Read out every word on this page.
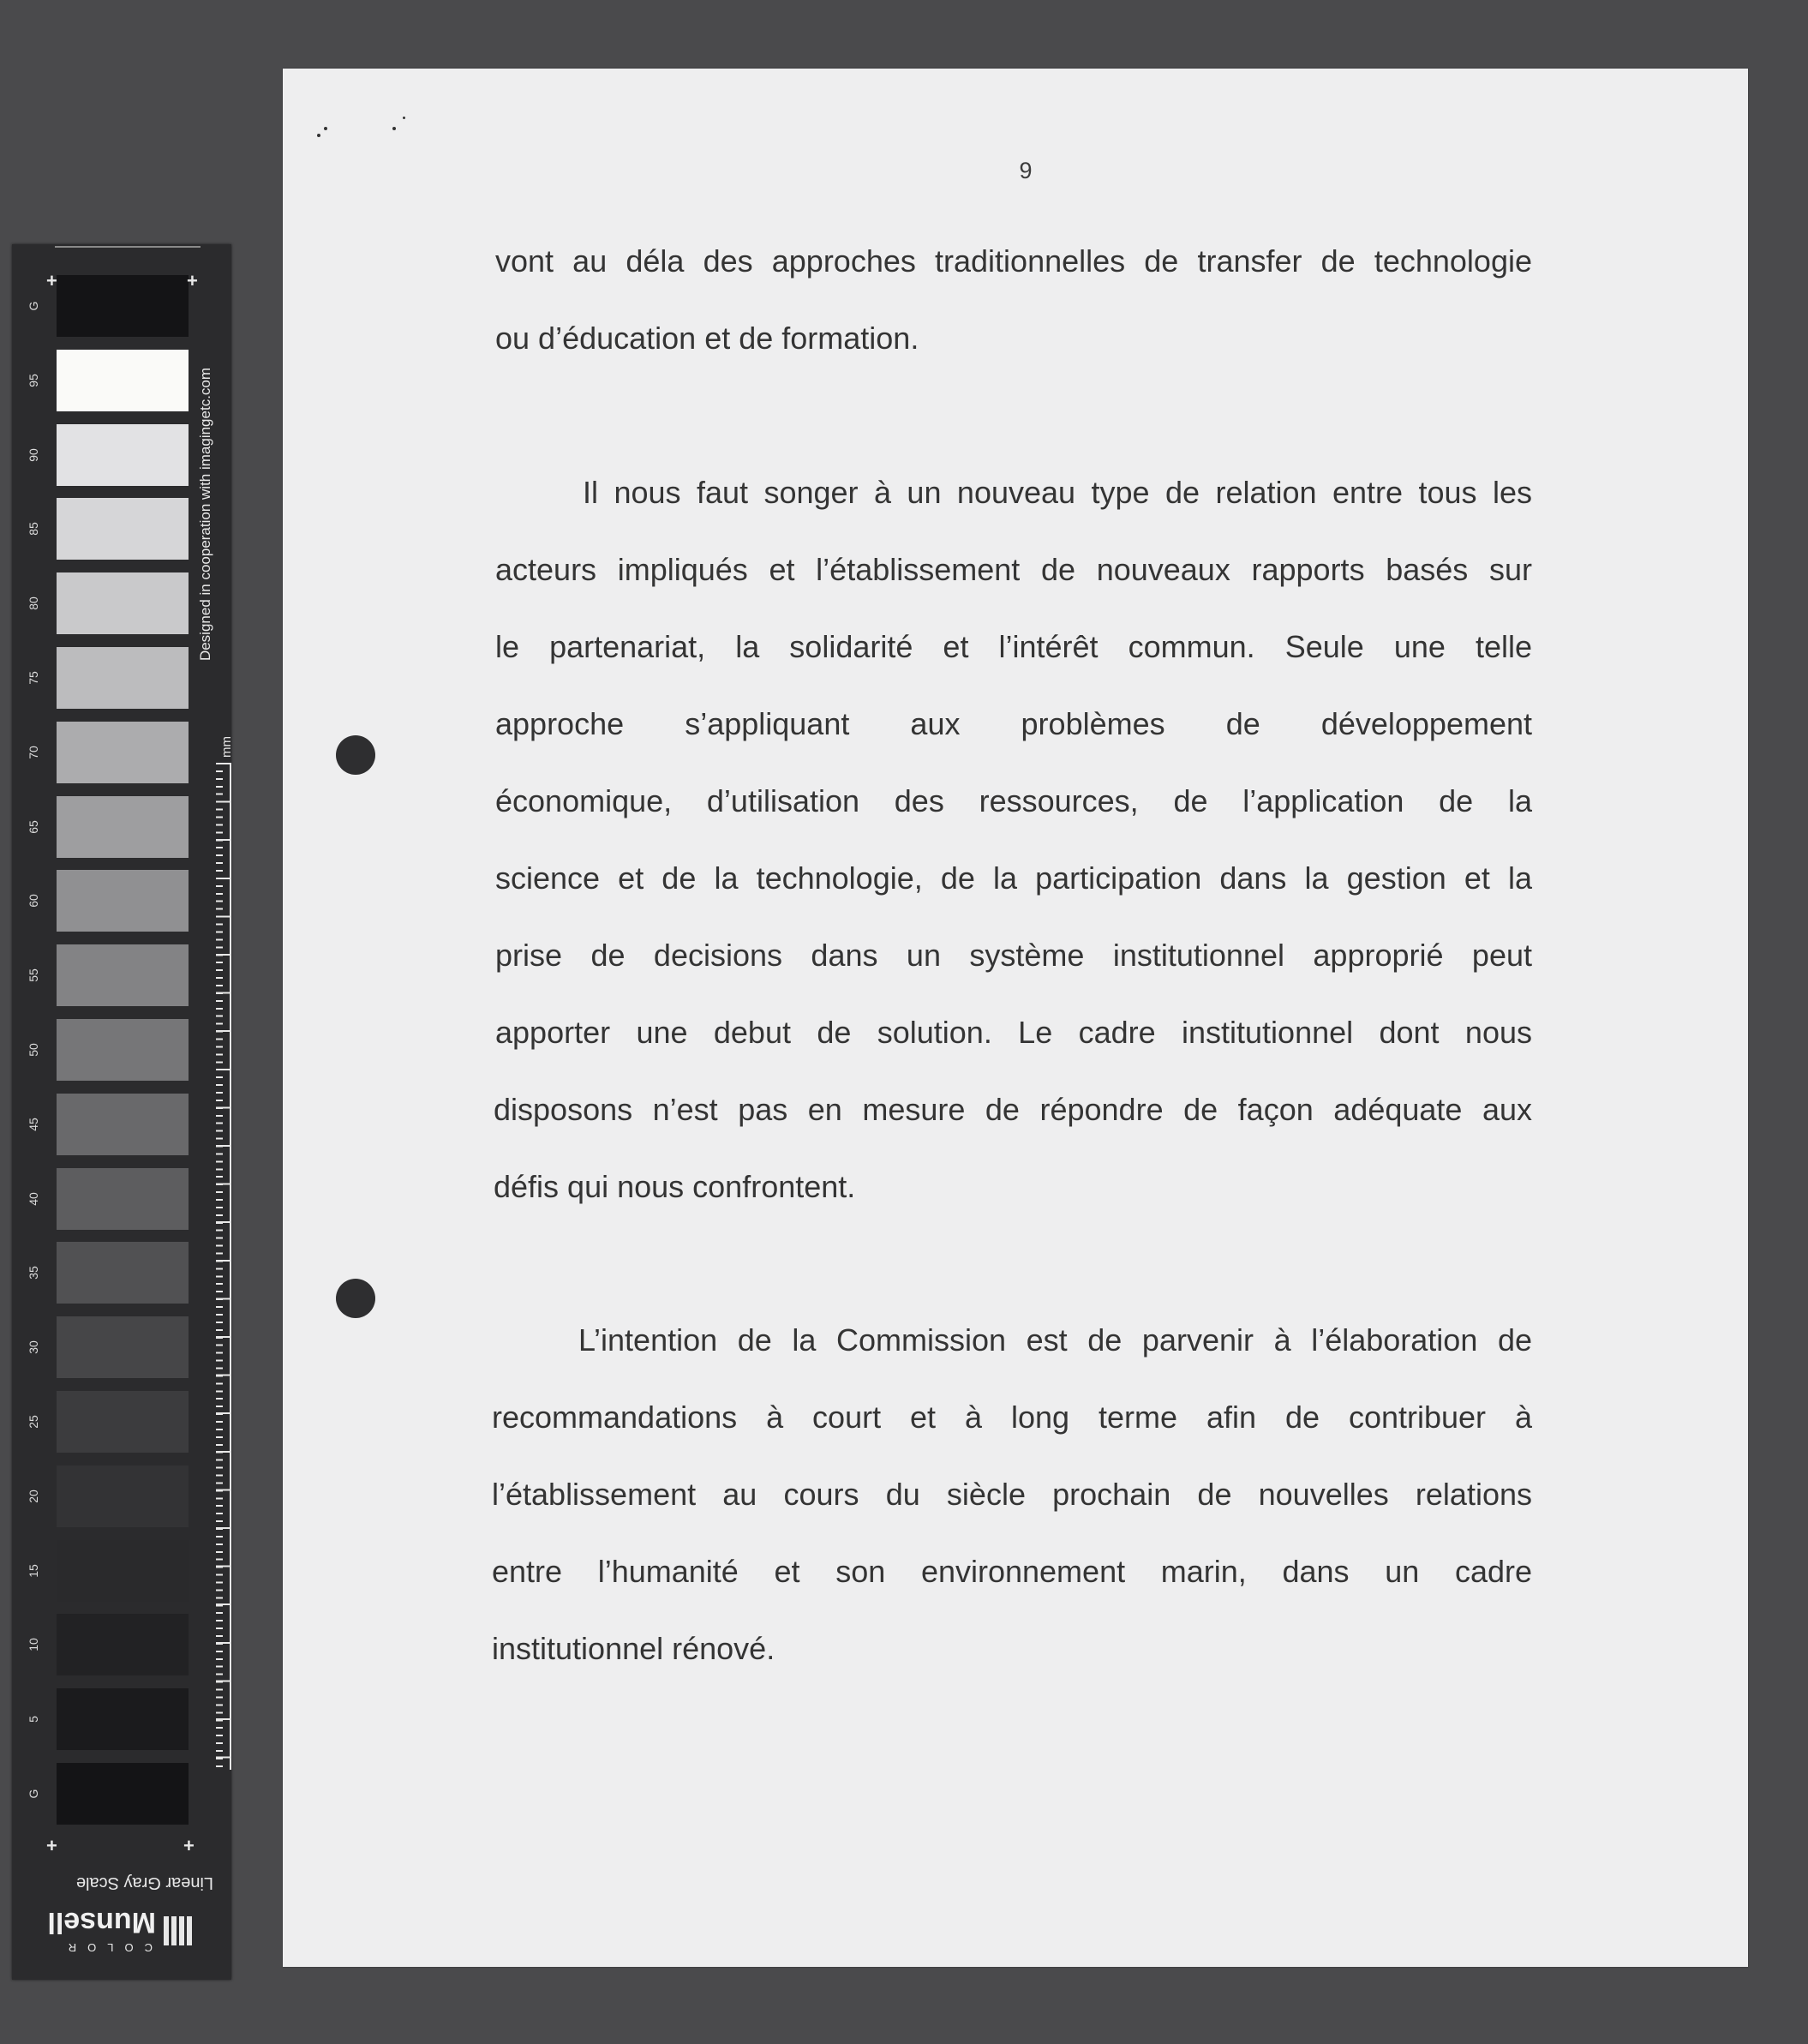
G
95
90
85
80
75
70
65
60
55
50
45
40
35
30
25
20
15
10
5
G
+	+
+	+
Designed in cooperation with imagingetc.com
mm
Linear Gray Scale
COLOR
Munsell
9
vont au déla des approches traditionnelles de transfer de technologie
ou d’éducation et de formation.
Il nous faut songer à un nouveau type de relation entre tous les
acteurs impliqués et l’établissement de nouveaux rapports basés sur
le partenariat, la solidarité et l’intérêt commun. Seule une telle
approche s’appliquant aux problèmes de développement
économique, d’utilisation des ressources, de l’application de la
science et de la technologie, de la participation dans la gestion et la
prise de decisions dans un système institutionnel approprié peut
apporter une debut de solution. Le cadre institutionnel dont nous
disposons n’est pas en mesure de répondre de façon adéquate aux
défis qui nous confrontent.
L’intention de la Commission est de parvenir à l’élaboration de
recommandations à court et à long terme afin de contribuer à
l’établissement au cours du siècle prochain de nouvelles relations
entre l’humanité et son environnement marin, dans un cadre
institutionnel rénové.
